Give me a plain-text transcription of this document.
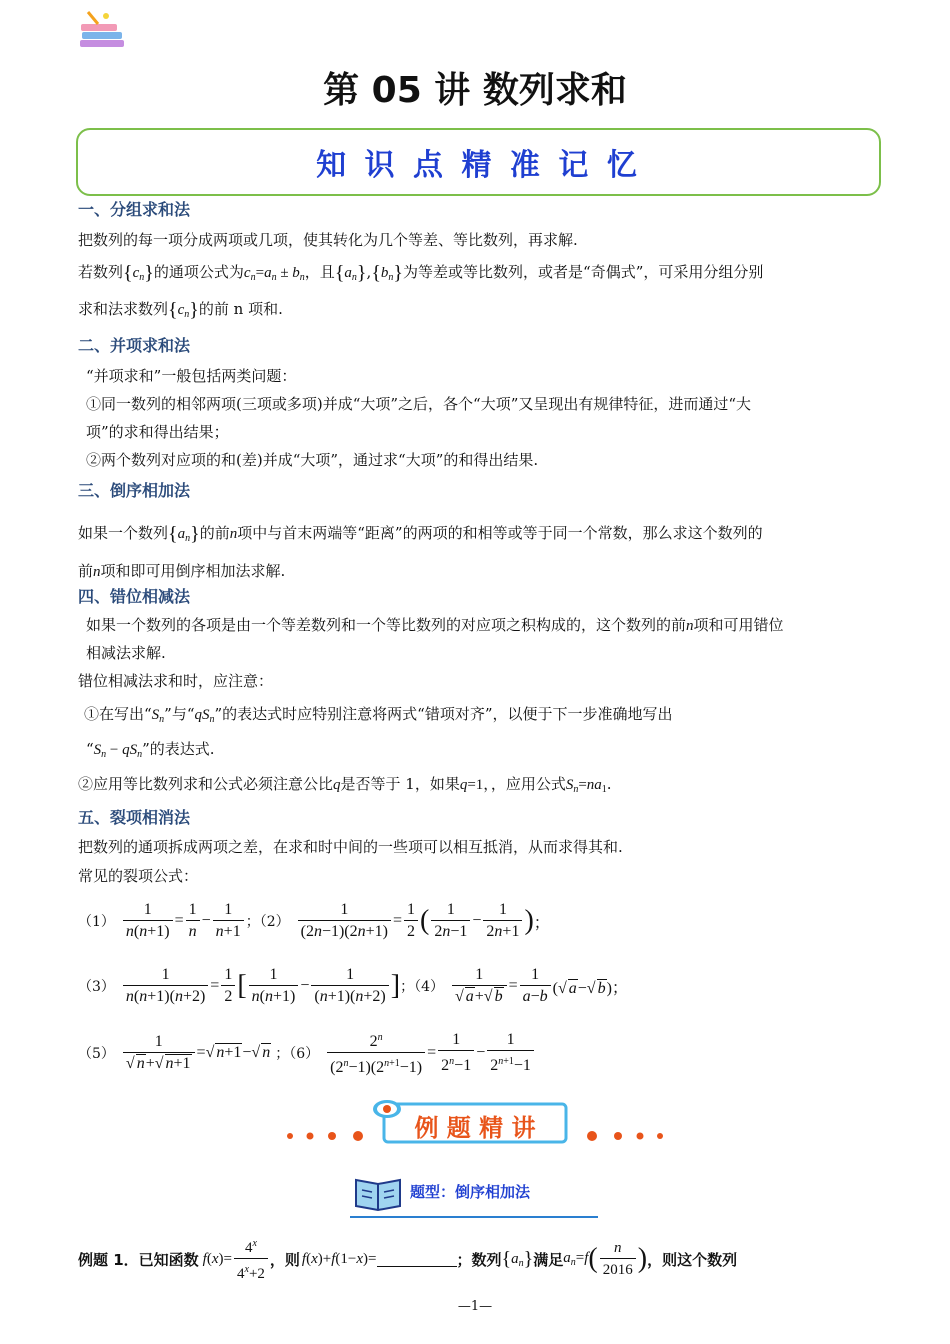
第 05 讲 数列求和
知 识 点 精 准 记 忆
一、分组求和法
把数列的每一项分成两项或几项，使其转化为几个等差、等比数列，再求解.
若数列$\{c_n\}$的通项公式为$c_n=a_n \pm b_n$，且$\{a_n\},\{b_n\}$为等差或等比数列，或者是“奇偶式”，可采用分组分别
求和法求数列$\{c_n\}$的前 n 项和.
二、并项求和法
“并项求和”一般包括两类问题：
①同一数列的相邻两项(三项或多项)并成“大项”之后，各个“大项”又呈现出有规律特征，进而通过“大
项”的求和得出结果；
②两个数列对应项的和(差)并成“大项”，通过求“大项”的和得出结果.
三、倒序相加法
如果一个数列$\{a_n\}$的前n项中与首末两端等“距离”的两项的和相等或等于同一个常数，那么求这个数列的
前n项和即可用倒序相加法求解.
四、错位相减法
如果一个数列的各项是由一个等差数列和一个等比数列的对应项之积构成的，这个数列的前n项和可用错位
相减法求解.
错位相减法求和时，应注意：
①在写出“$S_n$”与“$qS_n$”的表达式时应特别注意将两式“错项对齐”，以便于下一步准确地写出
“$S_n - qS_n$”的表达式.
②应用等比数列求和公式必须注意公比q是否等于 1，如果q=1，，应用公式$S_n=na_1$.
五、裂项相消法
把数列的通项拆成两项之差，在求和时中间的一些项可以相互抵消，从而求得其和.
常见的裂项公式：
$(1) \frac{1}{n(n+1)} = \frac{1}{n} - \frac{1}{n+1}$ ；$(2) \frac{1}{(2n-1)(2n+1)} = \frac{1}{2}$ ( 1
2n−1
− $\frac{1}{2n+1}$ ) ；
$(3) \frac{1}{n(n+1)(n+2)} = \frac{1}{2}$ [ 1
n(n+1)
− $\frac{1}{(n+1)(n+2)}$ ] ；$(4) \frac{1}{√ a+√ b} = \frac{1}{a-b}$ (√ a−√ b)；
$(5) \frac{1}{√ n+√ n+1}$ =√ n+1−√ n ；$(6) \frac{2^n}{(2^n-1)(2^{n+1}-1)} = \frac{1}{2^n-1} - \frac{1}{2^{n+1}-1}$
例 题 精 讲
题型：倒序相加法
例题 1．已知函数 $f(x)= \frac{4^x}{4^x+2}$ ，则 f(x)+f(1−x)=	；数列 $\{a_n\}$ 满足 $a_n=f$ ( n
2016 ) ，则这个数列
—1—
